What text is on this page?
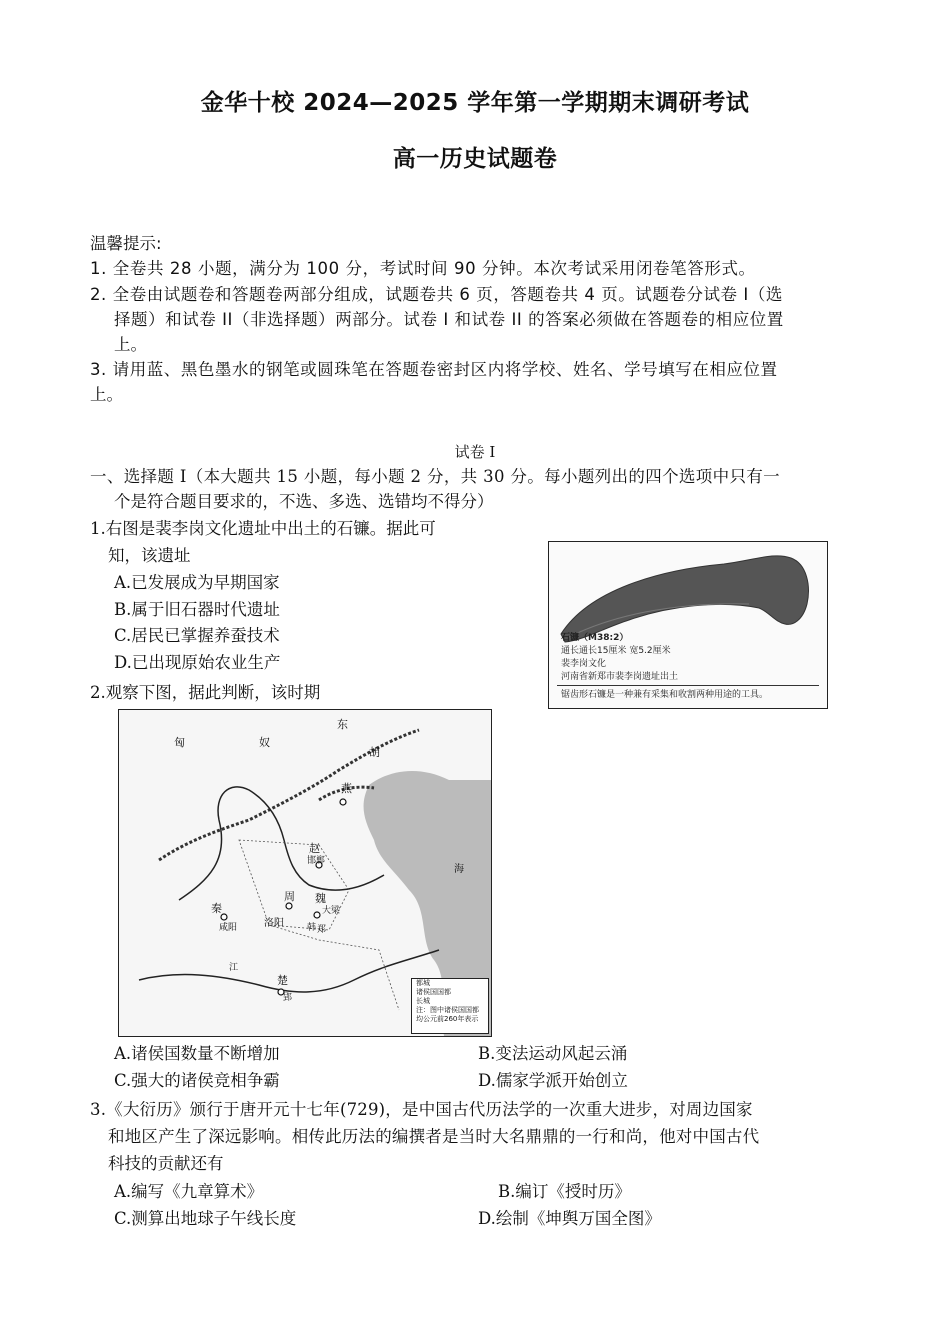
金华十校 2024—2025 学年第一学期期末调研考试
高一历史试题卷
温馨提示:
1. 全卷共 28 小题，满分为 100 分，考试时间 90 分钟。本次考试采用闭卷笔答形式。
2. 全卷由试题卷和答题卷两部分组成，试题卷共 6 页，答题卷共 4 页。试题卷分试卷 I（选
择题）和试卷 II（非选择题）两部分。试卷 I 和试卷 II 的答案必须做在答题卷的相应位置
上。
3. 请用蓝、黑色墨水的钢笔或圆珠笔在答题卷密封区内将学校、姓名、学号填写在相应位置
上。
试卷 I
一、选择题 I（本大题共 15 小题，每小题 2 分，共 30 分。每小题列出的四个选项中只有一
个是符合题目要求的，不选、多选、选错均不得分）
1.右图是裴李岗文化遗址中出土的石镰。据此可
知，该遗址
A.已发展成为早期国家
B.属于旧石器时代遗址
C.居民已掌握养蚕技术
D.已出现原始农业生产
石镰（M38:2）
通长通长15厘米 宽5.2厘米
裴李岗文化
河南省新郑市裴李岗遗址出土
锯齿形石镰是一种兼有采集和收割两种用途的工具。
2.观察下图，据此判断，该时期
匈	奴
东
胡
燕
赵
邯郸
周 魏
大梁
秦
咸阳	洛阳	韩 郑
楚
郢
江
海
都城
诸侯国国都
长城
注：图中诸侯国国都
均公元前260年表示
A.诸侯国数量不断增加	B.变法运动风起云涌
C.强大的诸侯竞相争霸	D.儒家学派开始创立
3.《大衍历》颁行于唐开元十七年(729)，是中国古代历法学的一次重大进步，对周边国家
和地区产生了深远影响。相传此历法的编撰者是当时大名鼎鼎的一行和尚，他对中国古代
科技的贡献还有
A.编写《九章算术》	B.编订《授时历》
C.测算出地球子午线长度	D.绘制《坤舆万国全图》
